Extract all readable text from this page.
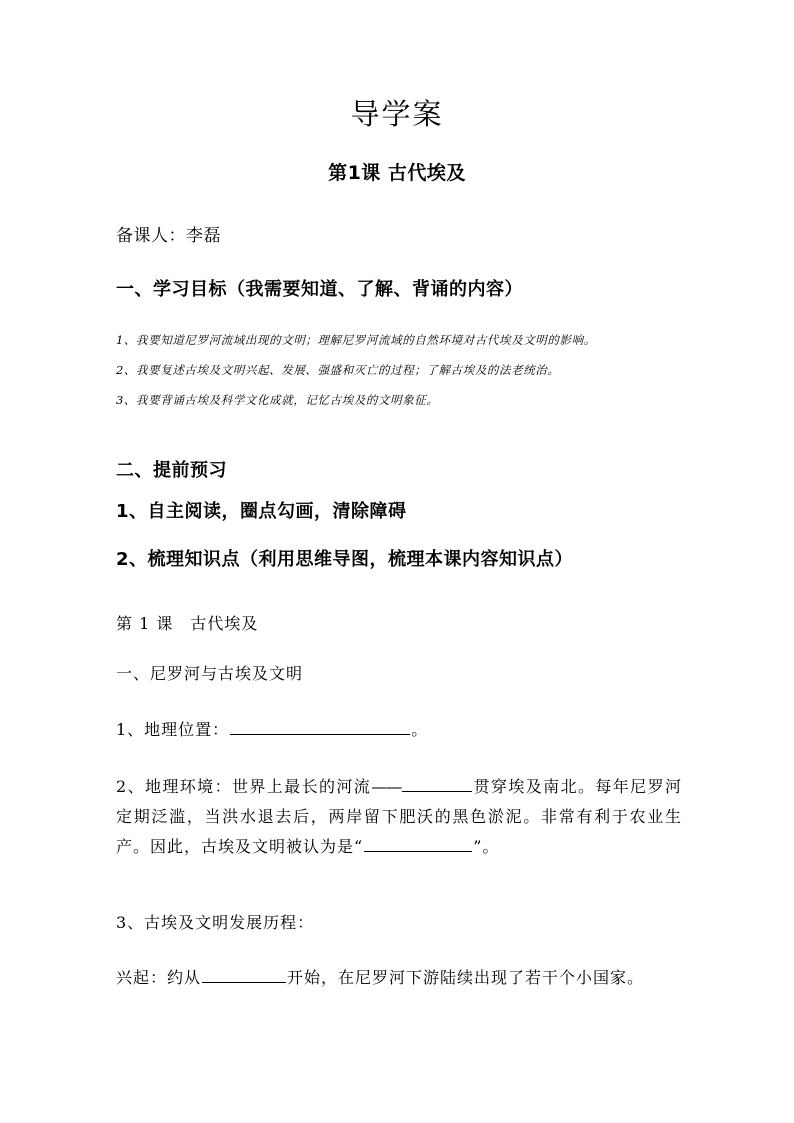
导学案
第1课 古代埃及
备课人：李磊
一、学习目标（我需要知道、了解、背诵的内容）
1、我要知道尼罗河流域出现的文明；理解尼罗河流域的自然环境对古代埃及文明的影响。
2、我要复述古埃及文明兴起、发展、强盛和灭亡的过程；了解古埃及的法老统治。
3、我要背诵古埃及科学文化成就，记忆古埃及的文明象征。
二、提前预习
1、自主阅读，圈点勾画，清除障碍
2、梳理知识点（利用思维导图，梳理本课内容知识点）
第 1 课　 古代埃及
一、尼罗河与古埃及文明
1、地理位置：	。
2、地理环境：世界上最长的河流——	贯穿埃及南北。每年尼罗河定期泛滥，当洪水退去后，两岸留下肥沃的黑色淤泥。非常有利于农业生产。因此，古埃及文明被认为是“	”。
3、古埃及文明发展历程：
兴起：约从	开始，在尼罗河下游陆续出现了若干个小国家。
